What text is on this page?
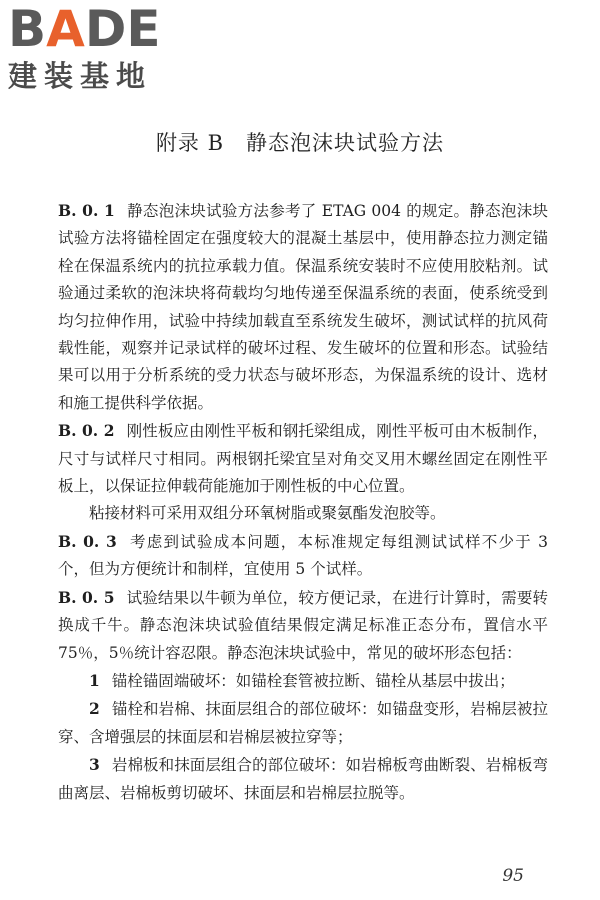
BADE
建装基地
附录 B　静态泡沫块试验方法

B. 0. 1 静态泡沫块试验方法参考了 ETAG 004 的规定。静态泡沫块试验方法将锚栓固定在强度较大的混凝土基层中，使用静态拉力测定锚栓在保温系统内的抗拉承载力值。保温系统安装时不应使用胶粘剂。试验通过柔软的泡沫块将荷载均匀地传递至保温系统的表面，使系统受到均匀拉伸作用，试验中持续加载直至系统发生破坏，测试试样的抗风荷载性能，观察并记录试样的破坏过程、发生破坏的位置和形态。试验结果可以用于分析系统的受力状态与破坏形态，为保温系统的设计、选材和施工提供科学依据。

B. 0. 2 刚性板应由刚性平板和钢托梁组成，刚性平板可由木板制作，尺寸与试样尺寸相同。两根钢托梁宜呈对角交叉用木螺丝固定在刚性平板上，以保证拉伸载荷能施加于刚性板的中心位置。

粘接材料可采用双组分环氧树脂或聚氨酯发泡胶等。

B. 0. 3 考虑到试验成本问题，本标准规定每组测试试样不少于 3 个，但为方便统计和制样，宜使用 5 个试样。

B. 0. 5 试验结果以牛顿为单位，较方便记录，在进行计算时，需要转换成千牛。静态泡沫块试验值结果假定满足标准正态分布，置信水平 75％，5％统计容忍限。静态泡沫块试验中，常见的破坏形态包括：

1 锚栓锚固端破坏：如锚栓套管被拉断、锚栓从基层中拔出；

2 锚栓和岩棉、抹面层组合的部位破坏：如锚盘变形，岩棉层被拉穿、含增强层的抹面层和岩棉层被拉穿等；

3 岩棉板和抹面层组合的部位破坏：如岩棉板弯曲断裂、岩棉板弯曲离层、岩棉板剪切破坏、抹面层和岩棉层拉脱等。

95
